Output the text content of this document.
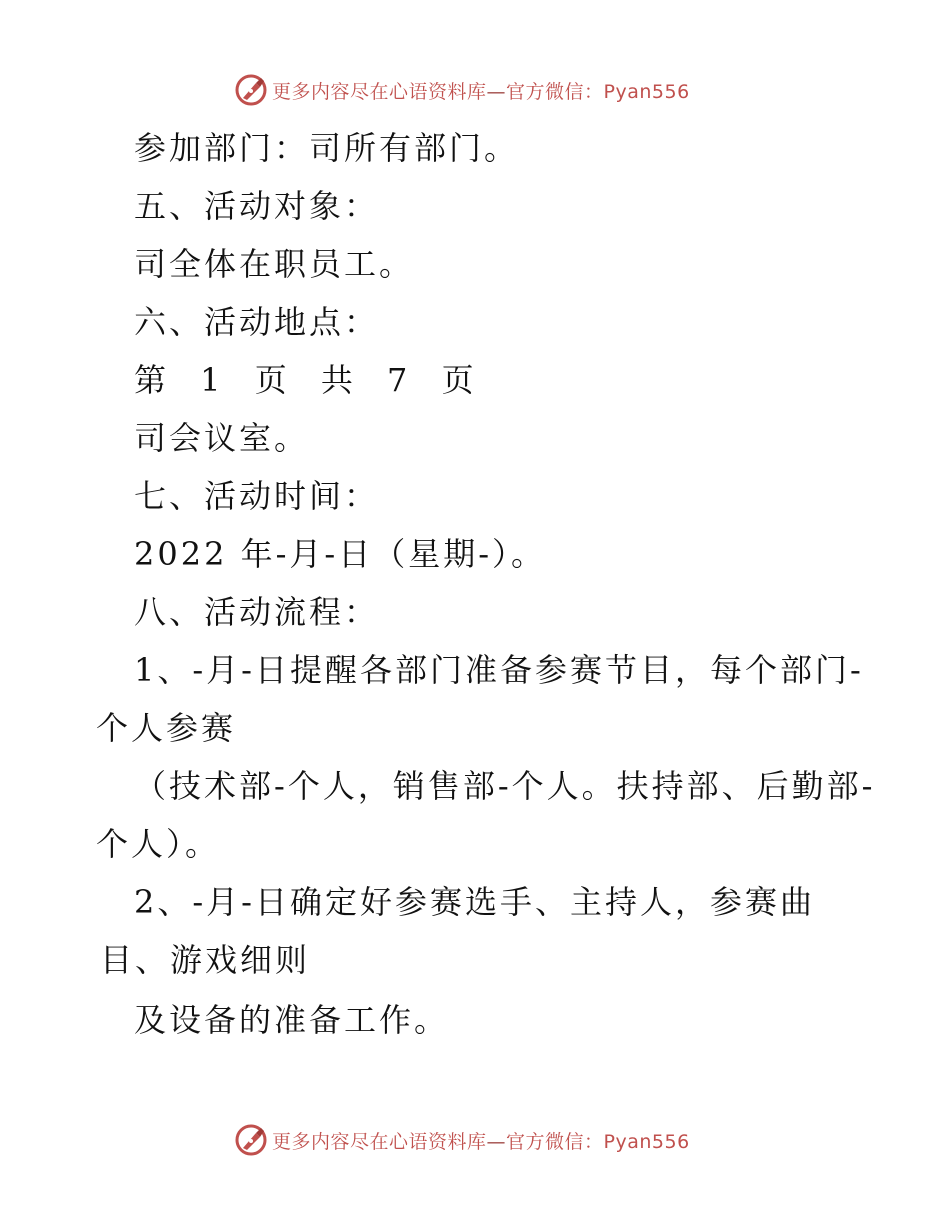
更多内容尽在心语资料库—官方微信：Pyan556

参加部门：司所有部门。

五、活动对象：

司全体在职员工。

六、活动地点：

第 1 页 共 7 页

司会议室。

七、活动时间：

2022 年-月-日（星期-）。

八、活动流程：

1、-月-日提醒各部门准备参赛节目，每个部门-

个人参赛

（技术部-个人，销售部-个人。扶持部、后勤部-

个人）。

2、-月-日确定好参赛选手、主持人，参赛曲

目、游戏细则

及设备的准备工作。

更多内容尽在心语资料库—官方微信：Pyan556
